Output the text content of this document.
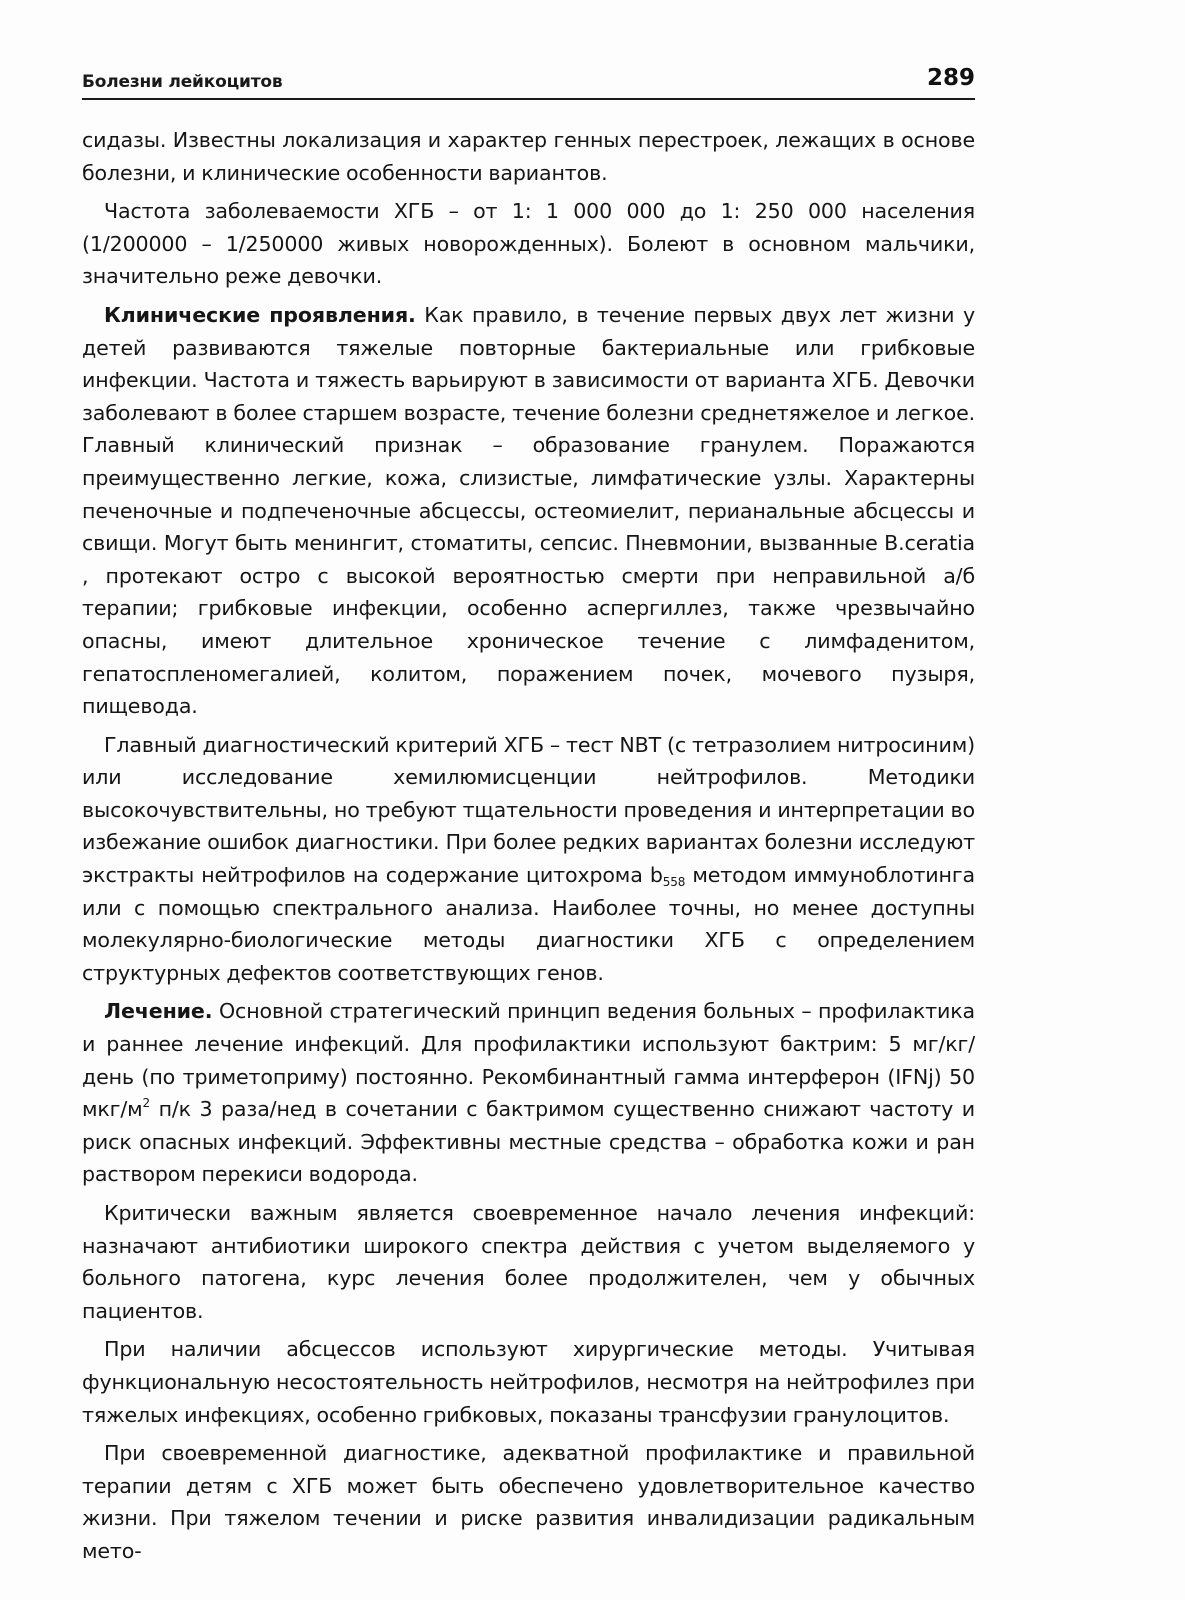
Болезни лейкоцитов	289

сидазы. Известны локализация и характер генных перестроек, лежащих в основе болезни, и клинические особенности вариантов.

Частота заболеваемости ХГБ – от 1: 1 000 000 до 1: 250 000 населения (1/200000 – 1/250000 живых новорожденных). Болеют в основном мальчики, значительно реже девочки.

Клинические проявления. Как правило, в течение первых двух лет жизни у детей развиваются тяжелые повторные бактериальные или грибковые инфекции. Частота и тяжесть варьируют в зависимости от варианта ХГБ. Девочки заболевают в более старшем возрасте, течение болезни среднетяжелое и легкое. Главный клинический признак – образование гранулем. Поражаются преимущественно легкие, кожа, слизистые, лимфатические узлы. Характерны печеночные и подпеченочные абсцессы, остеомиелит, перианальные абсцессы и свищи. Могут быть менингит, стоматиты, сепсис. Пневмонии, вызванные B.ceratia , протекают остро с высокой вероятностью смерти при неправильной а/б терапии; грибковые инфекции, особенно аспергиллез, также чрезвычайно опасны, имеют длительное хроническое течение с лимфаденитом, гепатоспленомегалией, колитом, поражением почек, мочевого пузыря, пищевода.

Главный диагностический критерий ХГБ – тест NBT (с тетразолием нитросиним) или исследование хемилюмисценции нейтрофилов. Методики высокочувствительны, но требуют тщательности проведения и интерпретации во избежание ошибок диагностики. При более редких вариантах болезни исследуют экстракты нейтрофилов на содержание цитохрома $b_{558}$ методом иммуноблотинга или с помощью спектрального анализа. Наиболее точны, но менее доступны молекулярно-биологические методы диагностики ХГБ с определением структурных дефектов соответствующих генов.

Лечение. Основной стратегический принцип ведения больных – профилактика и раннее лечение инфекций. Для профилактики используют бактрим: 5 мг/кг/день (по триметоприму) постоянно. Рекомбинантный гамма интерферон (IFNj) 50 мкг/$м^2$ п/к 3 раза/нед в сочетании с бактримом существенно снижают частоту и риск опасных инфекций. Эффективны местные средства – обработка кожи и ран раствором перекиси водорода.

Критически важным является своевременное начало лечения инфекций: назначают антибиотики широкого спектра действия с учетом выделяемого у больного патогена, курс лечения более продолжителен, чем у обычных пациентов.

При наличии абсцессов используют хирургические методы. Учитывая функциональную несостоятельность нейтрофилов, несмотря на нейтрофилез при тяжелых инфекциях, особенно грибковых, показаны трансфузии гранулоцитов.

При своевременной диагностике, адекватной профилактике и правильной терапии детям с ХГБ может быть обеспечено удовлетворительное качество жизни. При тяжелом течении и риске развития инвалидизации радикальным мето-
